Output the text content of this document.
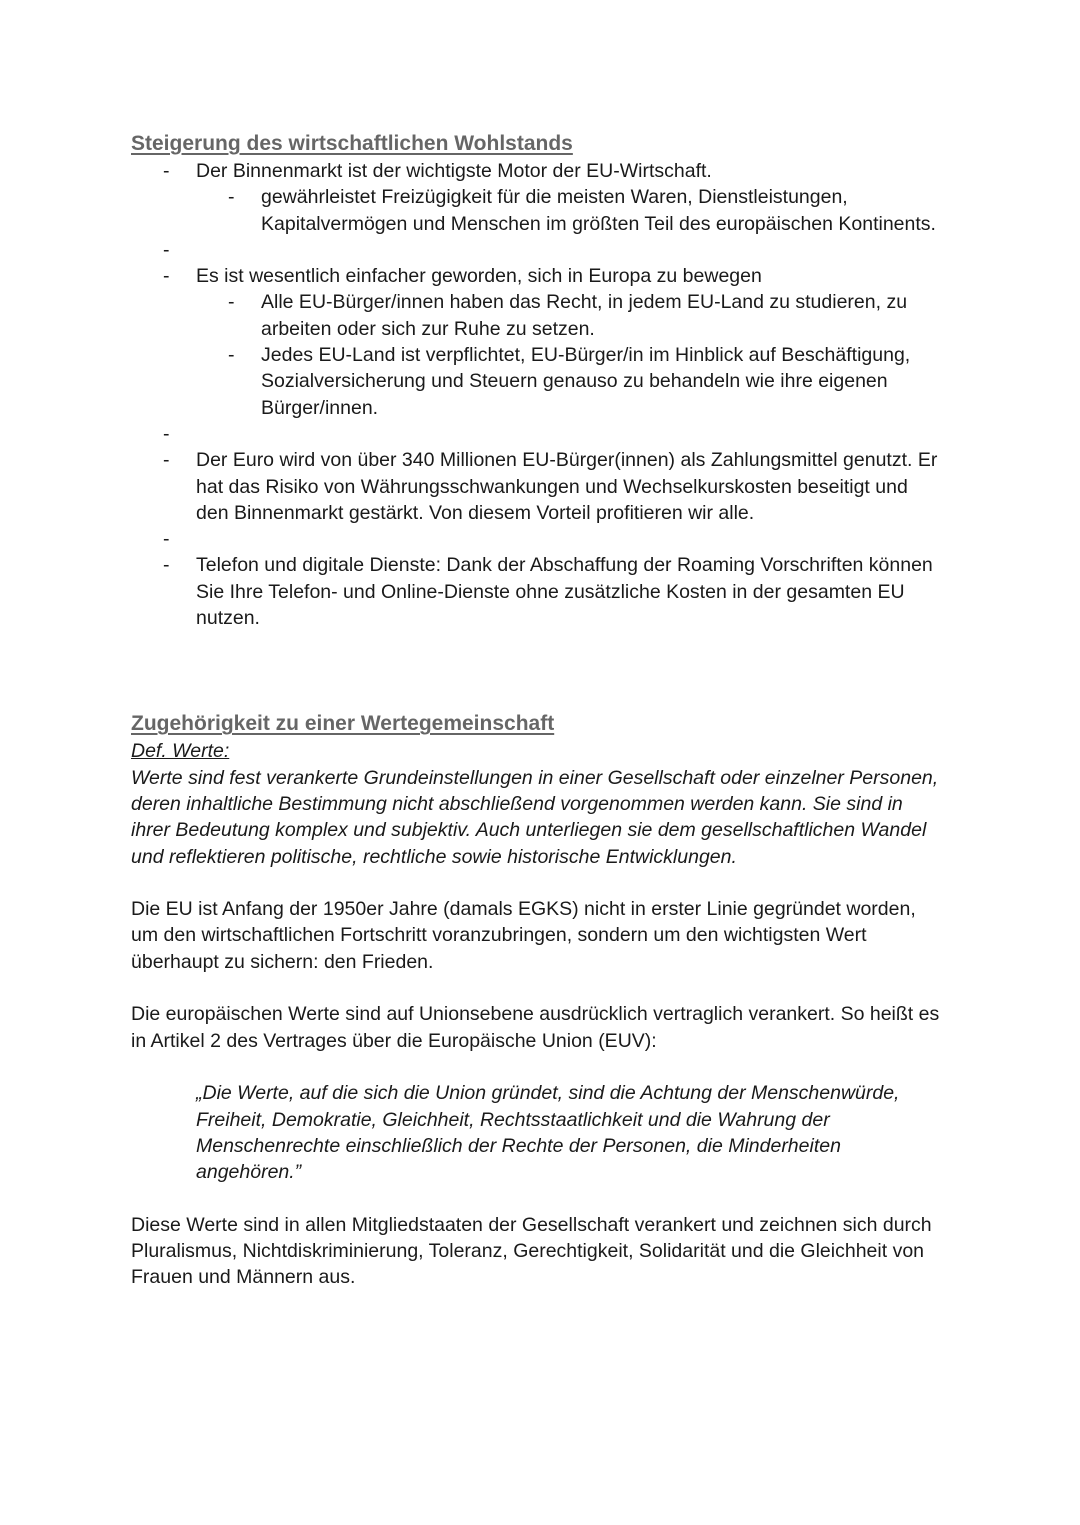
Steigerung des wirtschaftlichen Wohlstands
- Der Binnenmarkt ist der wichtigste Motor der EU-Wirtschaft.
- gewährleistet Freizügigkeit für die meisten Waren, Dienstleistungen, Kapitalvermögen und Menschen im größten Teil des europäischen Kontinents.
-
- Es ist wesentlich einfacher geworden, sich in Europa zu bewegen
- Alle EU-Bürger/innen haben das Recht, in jedem EU-Land zu studieren, zu arbeiten oder sich zur Ruhe zu setzen.
- Jedes EU-Land ist verpflichtet, EU-Bürger/in im Hinblick auf Beschäftigung, Sozialversicherung und Steuern genauso zu behandeln wie ihre eigenen Bürger/innen.
-
- Der Euro wird von über 340 Millionen EU-Bürger(innen) als Zahlungsmittel genutzt. Er hat das Risiko von Währungsschwankungen und Wechselkurskosten beseitigt und den Binnenmarkt gestärkt. Von diesem Vorteil profitieren wir alle.
-
- Telefon und digitale Dienste: Dank der Abschaffung der Roaming Vorschriften können Sie Ihre Telefon- und Online-Dienste ohne zusätzliche Kosten in der gesamten EU nutzen.
Zugehörigkeit zu einer Wertegemeinschaft
Def. Werte:

Werte sind fest verankerte Grundeinstellungen in einer Gesellschaft oder einzelner Personen, deren inhaltliche Bestimmung nicht abschließend vorgenommen werden kann. Sie sind in ihrer Bedeutung komplex und subjektiv. Auch unterliegen sie dem gesellschaftlichen Wandel und reflektieren politische, rechtliche sowie historische Entwicklungen.

Die EU ist Anfang der 1950er Jahre (damals EGKS) nicht in erster Linie gegründet worden, um den wirtschaftlichen Fortschritt voranzubringen, sondern um den wichtigsten Wert überhaupt zu sichern: den Frieden.

Die europäischen Werte sind auf Unionsebene ausdrücklich vertraglich verankert. So heißt es in Artikel 2 des Vertrages über die Europäische Union (EUV):

„Die Werte, auf die sich die Union gründet, sind die Achtung der Menschenwürde, Freiheit, Demokratie, Gleichheit, Rechtsstaatlichkeit und die Wahrung der Menschenrechte einschließlich der Rechte der Personen, die Minderheiten angehören.”

Diese Werte sind in allen Mitgliedstaaten der Gesellschaft verankert und zeichnen sich durch Pluralismus, Nichtdiskriminierung, Toleranz, Gerechtigkeit, Solidarität und die Gleichheit von Frauen und Männern aus.
